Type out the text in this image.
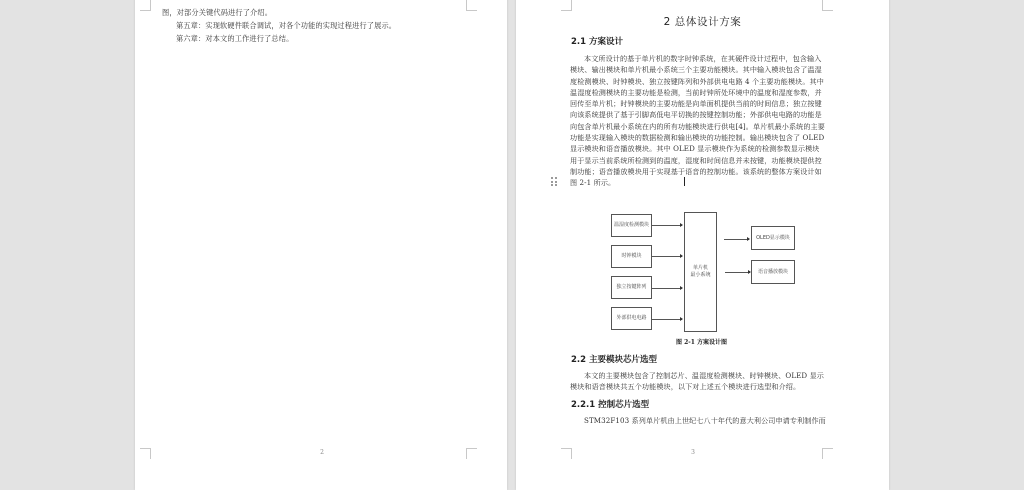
图，对部分关键代码进行了介绍。
第五章：实现软硬件联合调试，对各个功能的实现过程进行了展示。
第六章：对本文的工作进行了总结。
2
2 总体设计方案
2.1 方案设计
本文所设计的基于单片机的数字时钟系统，在其硬件设计过程中，包含输入
模块、输出模块和单片机最小系统三个主要功能模块。其中输入模块包含了温湿
度检测模块、时钟模块、独立按键阵列和外部供电电路 4 个主要功能模块。其中
温湿度检测模块的主要功能是检测，当前时钟所处环境中的温度和湿度参数，并
回传至单片机；时钟模块的主要功能是向单面机提供当前的时间信息；独立按键
向该系统提供了基于引脚高低电平切换的按键控制功能；外部供电电路的功能是
向包含单片机最小系统在内的所有功能模块进行供电[4]。单片机最小系统的主要
功能是实现输入模块的数据检测和输出模块的功能控制。输出模块包含了 OLED
显示模块和语音播放模块。其中 OLED 显示模块作为系统的检测参数显示模块
用于显示当前系统所检测到的温度，湿度和时间信息并未按键，功能模块提供控
制功能；语音播放模块用于实现基于语音的控制功能。该系统的整体方案设计如
图 2-1 所示。
图 2-1 方案设计图
2.2 主要模块芯片选型
本文的主要模块包含了控制芯片、温湿度检测模块、时钟模块、OLED 显示
模块和语音模块共五个功能模块，以下对上述五个模块进行选型和介绍。
2.2.1 控制芯片选型
STM32F103 系列单片机由上世纪七八十年代的意大利公司申请专利制作而
3
温湿度检测模块
时钟模块
独立按键阵列
外部供电电路
单片机
最小系统
OLED显示模块
语音播放模块
